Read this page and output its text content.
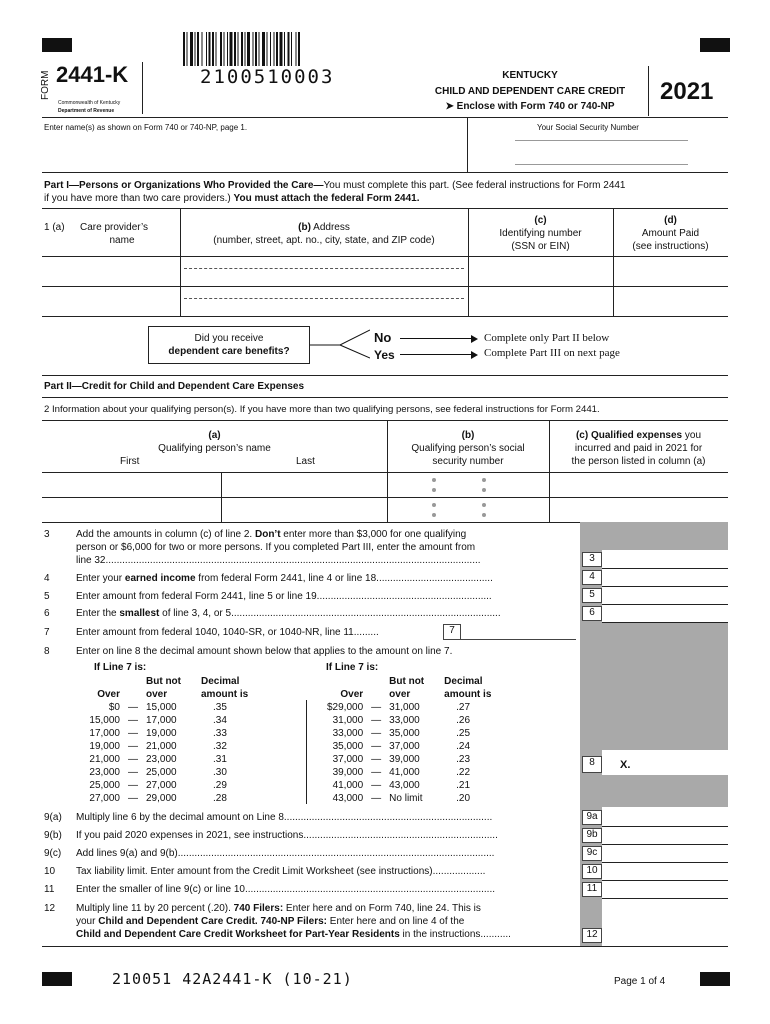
FORM 2441-K
Commonwealth of Kentucky
Department of Revenue
2100510003	KENTUCKY
CHILD AND DEPENDENT CARE CREDIT
➤ Enclose with Form 740 or 740-NP
2021
Enter name(s) as shown on Form 740 or 740-NP, page 1.	Your Social Security Number
Part I—Persons or Organizations Who Provided the Care—You must complete this part. (See federal instructions for Form 2441
if you have more than two care providers.) You must attach the federal Form 2441.
1 (a) Care provider’s
name
(b) Address
(number, street, apt. no., city, state, and ZIP code)
(c)
Identifying number
(SSN or EIN)
(d)
Amount Paid
(see instructions)
Did you receive
dependent care benefits?
No
Yes
Complete only Part II below
Complete Part III on next page
Part II—Credit for Child and Dependent Care Expenses
2 Information about your qualifying person(s). If you have more than two qualifying persons, see federal instructions for Form 2441.
(a)
Qualifying person’s name
First	Last
(b)
Qualifying person’s social
security number
(c) Qualified expenses you
incurred and paid in 2021 for
the person listed in column (a)
3
4
5
6
8
9a
9b
9c
10
11
12
X.
3	Add the amounts in column (c) of line 2. Don’t enter more than $3,000 for one qualifying
person or $6,000 for two or more persons. If you completed Part III, enter the amount from
line 32.......................................................................................................................................
4	Enter your earned income from federal Form 2441, line 4 or line 18..........................................
5	Enter amount from federal Form 2441, line 5 or line 19...............................................................
6	Enter the smallest of line 3, 4, or 5.................................................................................................
7	Enter amount from federal 1040, 1040-SR, or 1040-NR, line 11.........	7
8	Enter on line 8 the decimal amount shown below that applies to the amount on line 7.
If Line 7 is:	If Line 7 is:
		But not	Decimal
Over		over	amount is
$0	—	15,000	.35
15,000	—	17,000	.34
17,000	—	19,000	.33
19,000	—	21,000	.32
21,000	—	23,000	.31
23,000	—	25,000	.30
25,000	—	27,000	.29
27,000	—	29,000	.28
		But not	Decimal
Over		over	amount is
$29,000	—	31,000	.27
31,000	—	33,000	.26
33,000	—	35,000	.25
35,000	—	37,000	.24
37,000	—	39,000	.23
39,000	—	41,000	.22
41,000	—	43,000	.21
43,000	—	No limit	.20
9(a) Multiply line 6 by the decimal amount on Line 8...........................................................................
9(b) If you paid 2020 expenses in 2021, see instructions......................................................................
9(c) Add lines 9(a) and 9(b)..................................................................................................................
10 Tax liability limit. Enter amount from the Credit Limit Worksheet (see instructions)...................
11 Enter the smaller of line 9(c) or line 10..........................................................................................
12 Multiply line 11 by 20 percent (.20). 740 Filers: Enter here and on Form 740, line 24. This is
your Child and Dependent Care Credit. 740-NP Filers: Enter here and on line 4 of the
Child and Dependent Care Credit Worksheet for Part-Year Residents in the instructions...........
210051 42A2441-K (10-21)	Page 1 of 4
